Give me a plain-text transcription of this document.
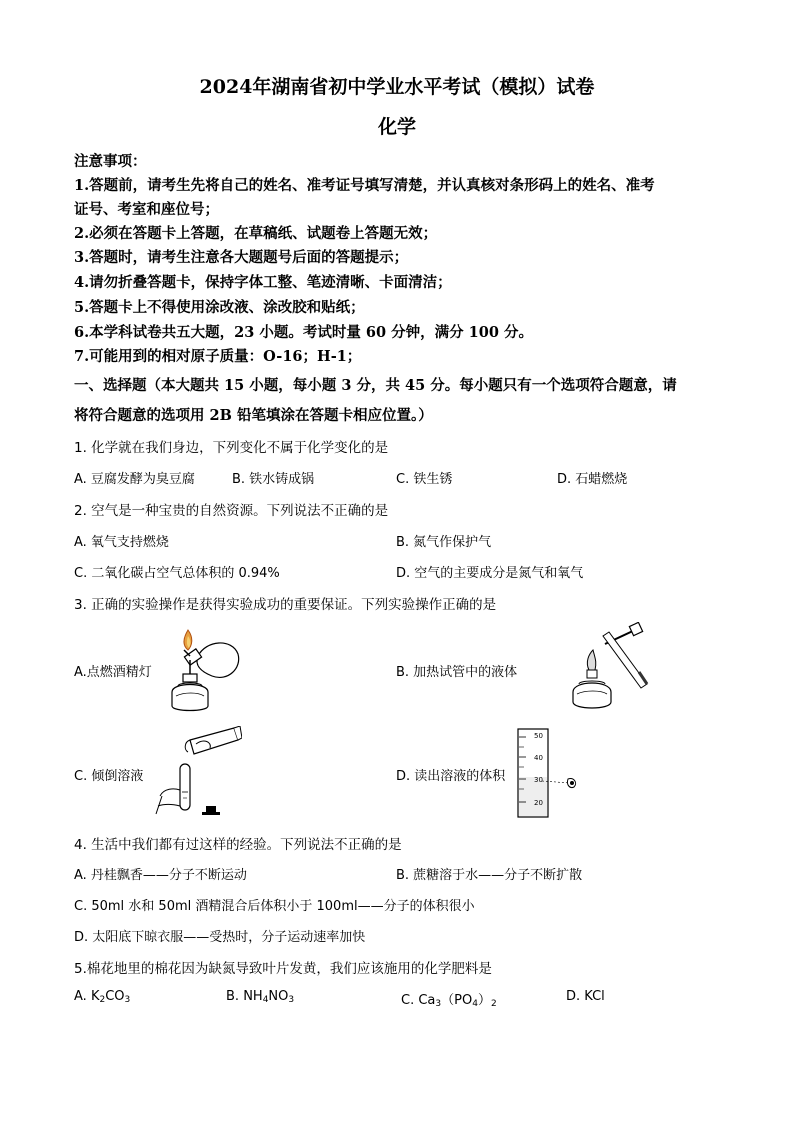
2024年湖南省初中学业水平考试（模拟）试卷
化学
注意事项：
1.答题前，请考生先将自己的姓名、准考证号填写清楚，并认真核对条形码上的姓名、准考
证号、考室和座位号；
2.必须在答题卡上答题，在草稿纸、试题卷上答题无效；
3.答题时，请考生注意各大题题号后面的答题提示；
4.请勿折叠答题卡，保持字体工整、笔迹清晰、卡面清洁；
5.答题卡上不得使用涂改液、涂改胶和贴纸；
6.本学科试卷共五大题，23 小题。考试时量 60 分钟，满分 100 分。
7.可能用到的相对原子质量：O-16；H-1；
一、选择题（本大题共 15 小题，每小题 3 分，共 45 分。每小题只有一个选项符合题意，请
将符合题意的选项用 2B 铅笔填涂在答题卡相应位置。）
1. 化学就在我们身边，下列变化不属于化学变化的是
A. 豆腐发酵为臭豆腐	B. 铁水铸成锅	C. 铁生锈	D. 石蜡燃烧
2. 空气是一种宝贵的自然资源。下列说法不正确的是
A. 氧气支持燃烧	B. 氮气作保护气
C. 二氧化碳占空气总体积的 0.94%	D. 空气的主要成分是氮气和氧气
3. 正确的实验操作是获得实验成功的重要保证。下列实验操作正确的是
A.点燃酒精灯	B. 加热试管中的液体
C. 倾倒溶液	D. 读出溶液的体积
50
40
30
20
4. 生活中我们都有过这样的经验。下列说法不正确的是
A. 丹桂飘香——分子不断运动	B. 蔗糖溶于水——分子不断扩散
C. 50ml 水和 50ml 酒精混合后体积小于 100ml——分子的体积很小
D. 太阳底下晾衣服——受热时，分子运动速率加快
5.棉花地里的棉花因为缺氮导致叶片发黄，我们应该施用的化学肥料是
A. $K_2CO_3$	B. $NH_4NO_3$	C. $Ca_3(PO_4)_2$	D. KCl
